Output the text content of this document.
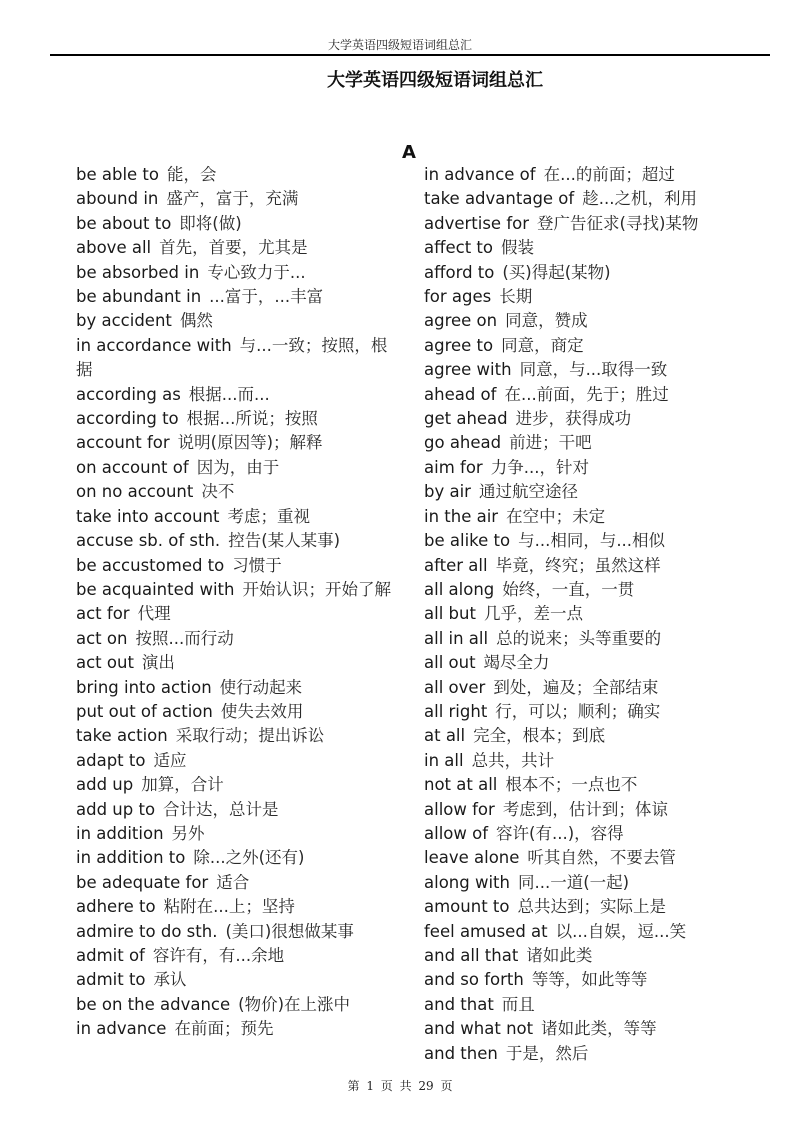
大学英语四级短语词组总汇
大学英语四级短语词组总汇
A
be able to 能，会
abound in 盛产，富于，充满
be about to 即将(做)
above all 首先，首要，尤其是
be absorbed in 专心致力于...
be abundant in ...富于，...丰富
by accident 偶然
in accordance with 与...一致；按照，根据
according as 根据...而...
according to 根据...所说；按照
account for 说明(原因等)；解释
on account of 因为，由于
on no account 决不
take into account 考虑；重视
accuse sb. of sth. 控告(某人某事)
be accustomed to 习惯于
be acquainted with 开始认识；开始了解
act for 代理
act on 按照...而行动
act out 演出
bring into action 使行动起来
put out of action 使失去效用
take action 采取行动；提出诉讼
adapt to 适应
add up 加算，合计
add up to 合计达，总计是
in addition 另外
in addition to 除...之外(还有)
be adequate for 适合
adhere to 粘附在...上；坚持
admire to do sth. (美口)很想做某事
admit of 容许有，有...余地
admit to 承认
be on the advance (物价)在上涨中
in advance 在前面；预先
in advance of 在...的前面；超过
take advantage of 趁...之机，利用
advertise for 登广告征求(寻找)某物
affect to 假装
afford to (买)得起(某物)
for ages 长期
agree on 同意，赞成
agree to 同意，商定
agree with 同意，与...取得一致
ahead of 在...前面，先于；胜过
get ahead 进步，获得成功
go ahead 前进；干吧
aim for 力争...，针对
by air 通过航空途径
in the air 在空中；未定
be alike to 与...相同，与...相似
after all 毕竟，终究；虽然这样
all along 始终，一直，一贯
all but 几乎，差一点
all in all 总的说来；头等重要的
all out 竭尽全力
all over 到处，遍及；全部结束
all right 行，可以；顺利；确实
at all 完全，根本；到底
in all 总共，共计
not at all 根本不；一点也不
allow for 考虑到，估计到；体谅
allow of 容许(有...)，容得
leave alone 听其自然，不要去管
along with 同...一道(一起)
amount to 总共达到；实际上是
feel amused at 以...自娱，逗...笑
and all that 诸如此类
and so forth 等等，如此等等
and that 而且
and what not 诸如此类，等等
and then 于是，然后
第 1 页 共 29 页
